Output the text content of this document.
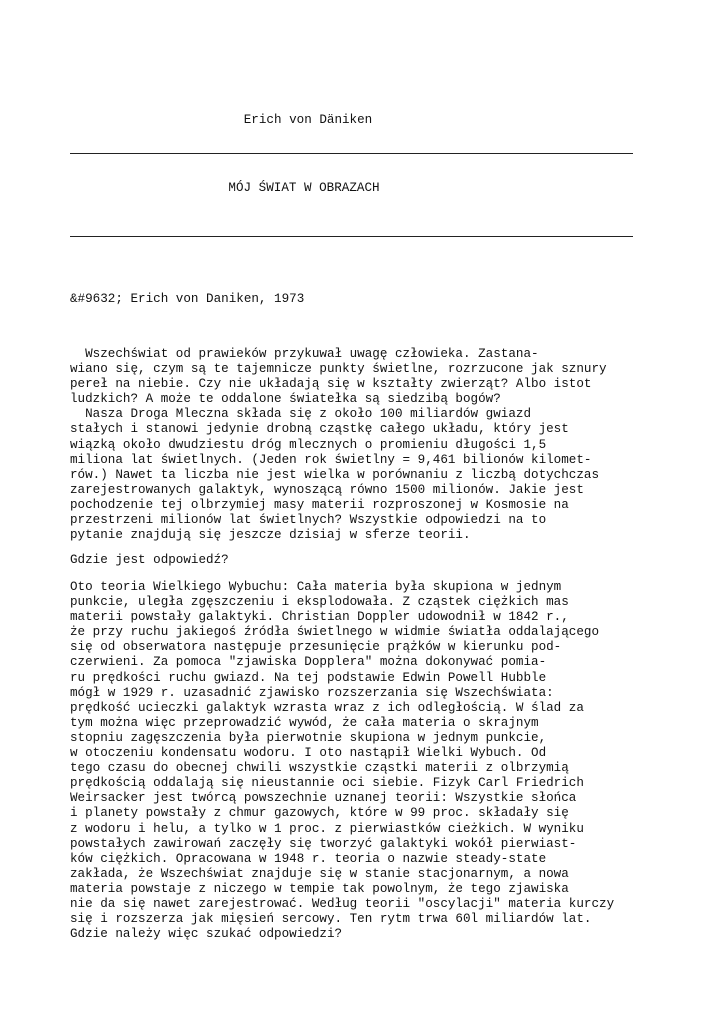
Erich von Däniken
MÓJ ŚWIAT W OBRAZACH
&#9632; Erich von Daniken, 1973
Wszechświat od prawieków przykuwał uwagę człowieka. Zastana-
wiano się, czym są te tajemnicze punkty świetlne, rozrzucone jak sznury
pereł na niebie. Czy nie układają się w kształty zwierząt? Albo istot
ludzkich? A może te oddalone światełka są siedzibą bogów?
Nasza Droga Mleczna składa się z około 100 miliardów gwiazd
stałych i stanowi jedynie drobną cząstkę całego układu, który jest
wiązką około dwudziestu dróg mlecznych o promieniu długości 1,5
miliona lat świetlnych. (Jeden rok świetlny = 9,461 bilionów kilomet-
rów.) Nawet ta liczba nie jest wielka w porównaniu z liczbą dotychczas
zarejestrowanych galaktyk, wynoszącą równo 1500 milionów. Jakie jest
pochodzenie tej olbrzymiej masy materii rozproszonej w Kosmosie na
przestrzeni milionów lat świetlnych? Wszystkie odpowiedzi na to
pytanie znajdują się jeszcze dzisiaj w sferze teorii.
Gdzie jest odpowiedź?
Oto teoria Wielkiego Wybuchu: Cała materia była skupiona w jednym
punkcie, uległa zgęszczeniu i eksplodowała. Z cząstek ciężkich mas
materii powstały galaktyki. Christian Doppler udowodnił w 1842 r.,
że przy ruchu jakiegoś źródła świetlnego w widmie światła oddalającego
się od obserwatora następuje przesunięcie prążków w kierunku pod-
czerwieni. Za pomoca "zjawiska Dopplera" można dokonywać pomia-
ru prędkości ruchu gwiazd. Na tej podstawie Edwin Powell Hubble
mógł w 1929 r. uzasadnić zjawisko rozszerzania się Wszechświata:
prędkość ucieczki galaktyk wzrasta wraz z ich odległością. W ślad za
tym można więc przeprowadzić wywód, że cała materia o skrajnym
stopniu zagęszczenia była pierwotnie skupiona w jednym punkcie,
w otoczeniu kondensatu wodoru. I oto nastąpił Wielki Wybuch. Od
tego czasu do obecnej chwili wszystkie cząstki materii z olbrzymią
prędkością oddalają się nieustannie oci siebie. Fizyk Carl Friedrich
Weirsacker jest twórcą powszechnie uznanej teorii: Wszystkie słońca
i planety powstały z chmur gazowych, które w 99 proc. składały się
z wodoru i helu, a tylko w 1 proc. z pierwiastków cieżkich. W wyniku
powstałych zawirowań zaczęły się tworzyć galaktyki wokół pierwiast-
ków ciężkich. Opracowana w 1948 r. teoria o nazwie steady-state
zakłada, że Wszechświat znajduje się w stanie stacjonarnym, a nowa
materia powstaje z niczego w tempie tak powolnym, że tego zjawiska
nie da się nawet zarejestrować. Według teorii "oscylacji" materia kurczy
się i rozszerza jak mięsień sercowy. Ten rytm trwa 60l miliardów lat.
Gdzie należy więc szukać odpowiedzi?
